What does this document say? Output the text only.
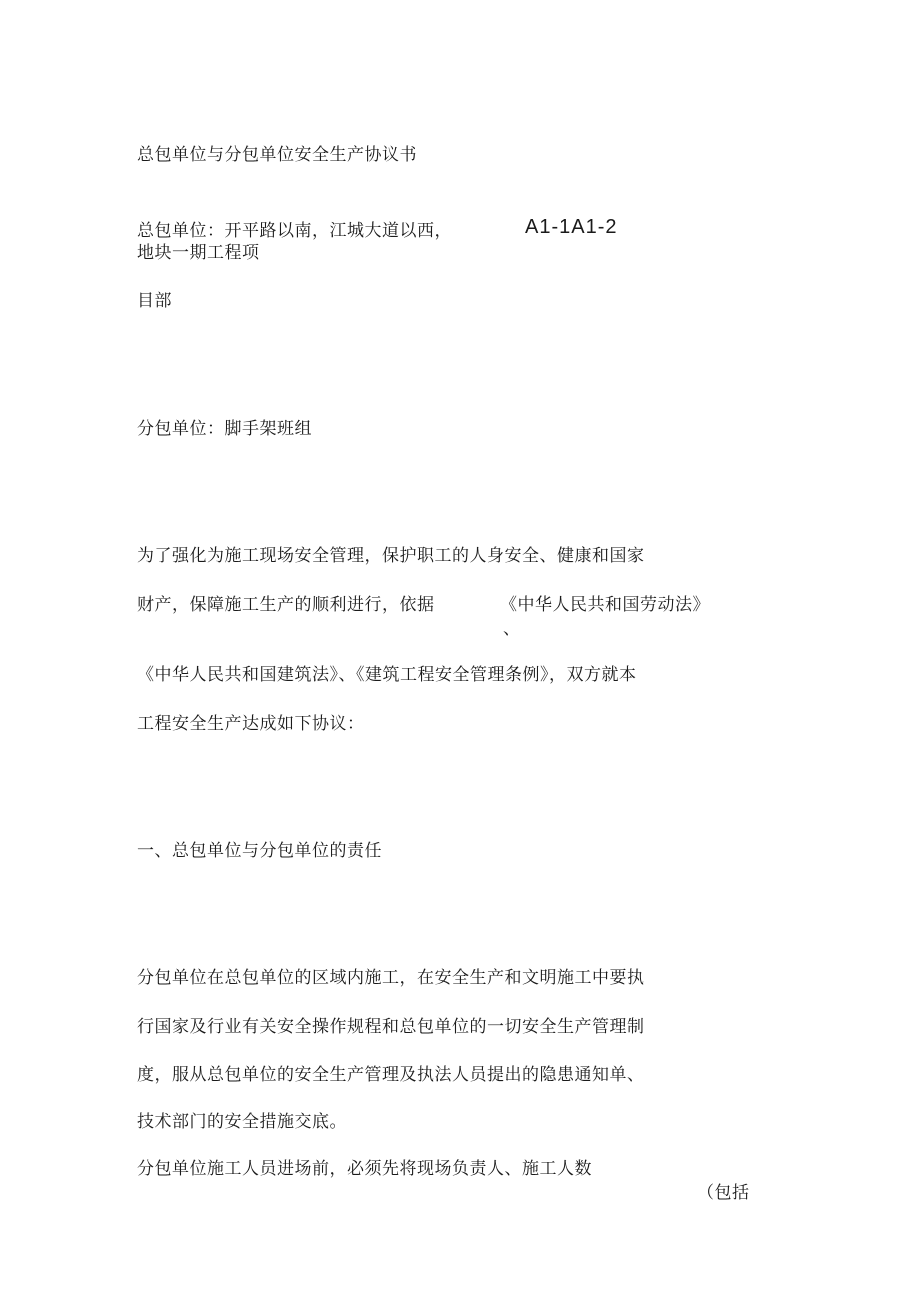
总包单位与分包单位安全生产协议书
总包单位：开平路以南，江城大道以西，	A1-1A1-2
地块一期工程项
目部
分包单位：脚手架班组
为了强化为施工现场安全管理，保护职工的人身安全、健康和国家
财产，保障施工生产的顺利进行，依据	《中华人民共和国劳动法》
、
《中华人民共和国建筑法》、《建筑工程安全管理条例》，双方就本
工程安全生产达成如下协议：
一、总包单位与分包单位的责任
分包单位在总包单位的区域内施工，在安全生产和文明施工中要执
行国家及行业有关安全操作规程和总包单位的一切安全生产管理制
度，服从总包单位的安全生产管理及执法人员提出的隐患通知单、
技术部门的安全措施交底。
分包单位施工人员进场前，必须先将现场负责人、施工人数
（包括
